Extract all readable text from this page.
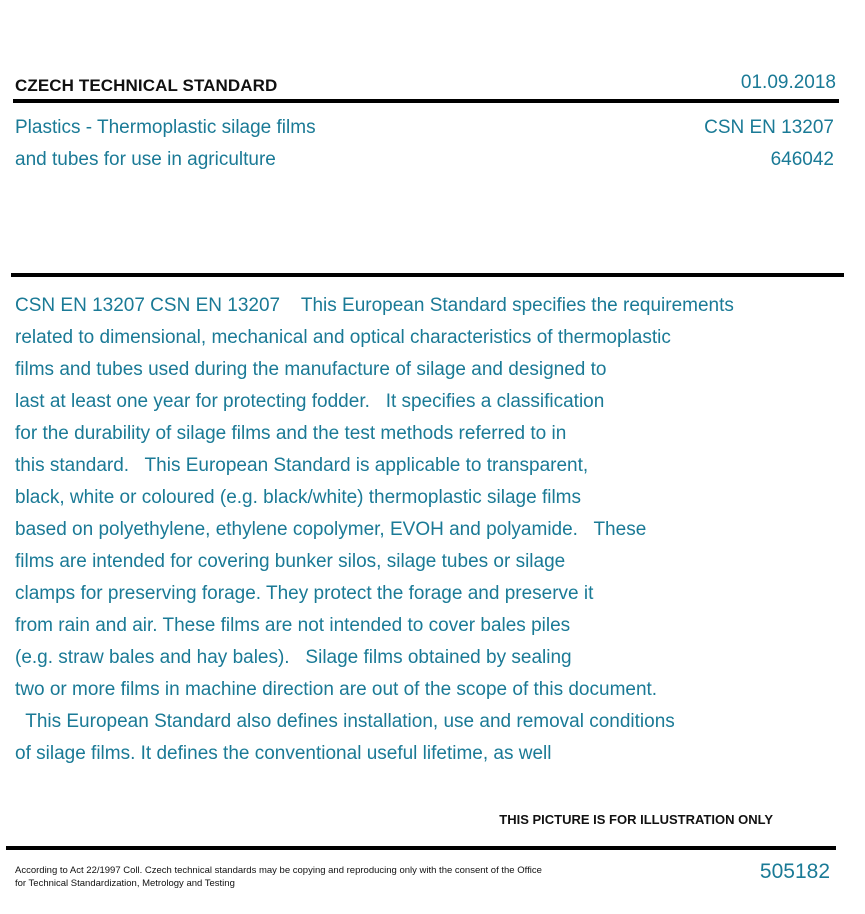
CZECH TECHNICAL STANDARD	01.09.2018
Plastics - Thermoplastic silage films
and tubes for use in agriculture
CSN EN 13207
646042
CSN EN 13207 CSN EN 13207    This European Standard specifies the requirements
related to dimensional, mechanical and optical characteristics of thermoplastic
films and tubes used during the manufacture of silage and designed to
last at least one year for protecting fodder.   It specifies a classification
for the durability of silage films and the test methods referred to in
this standard.   This European Standard is applicable to transparent,
black, white or coloured (e.g. black/white) thermoplastic silage films
based on polyethylene, ethylene copolymer, EVOH and polyamide.   These
films are intended for covering bunker silos, silage tubes or silage
clamps for preserving forage. They protect the forage and preserve it
from rain and air. These films are not intended to cover bales piles
(e.g. straw bales and hay bales).   Silage films obtained by sealing
two or more films in machine direction are out of the scope of this document.
This European Standard also defines installation, use and removal conditions
of silage films. It defines the conventional useful lifetime, as well
THIS PICTURE IS FOR ILLUSTRATION ONLY
According to Act 22/1997 Coll. Czech technical standards may be copying and reproducing only with the consent of the Office
for Technical Standardization, Metrology and Testing
505182
